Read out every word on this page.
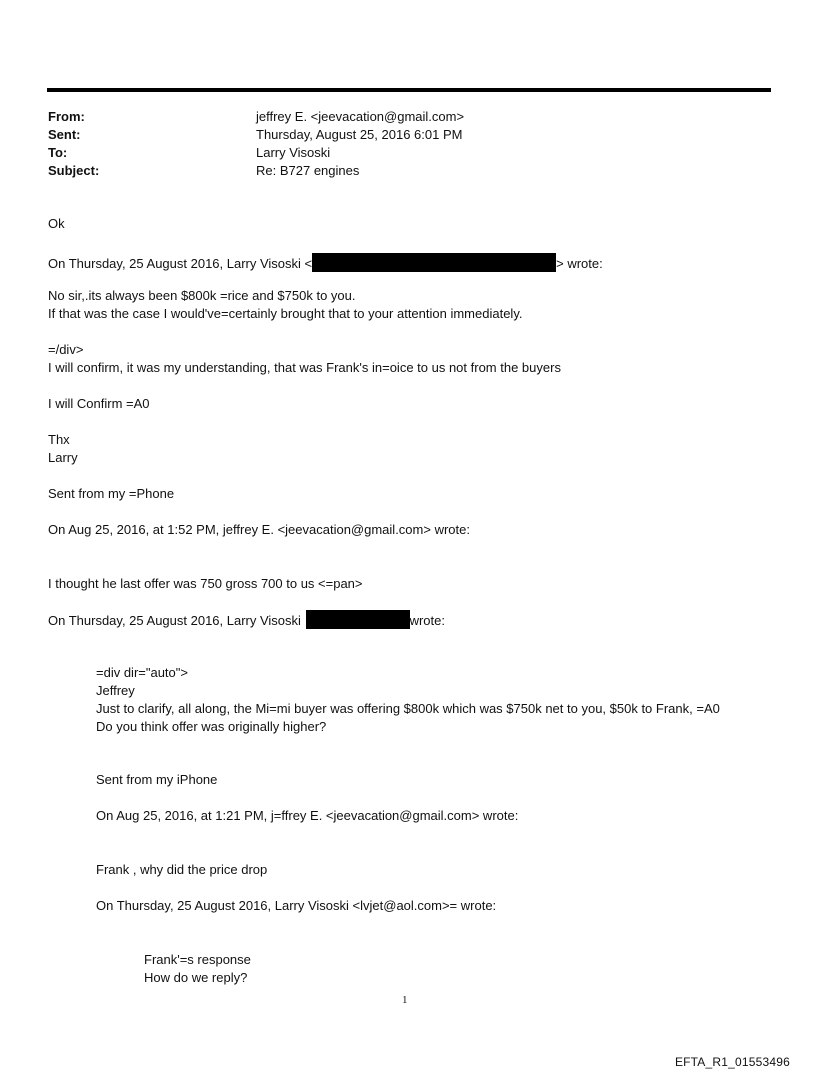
From:	jeffrey E. <jeevacation@gmail.com>
Sent:	Thursday, August 25, 2016 6:01 PM
To:	Larry Visoski
Subject:	Re: B727 engines
Ok
On Thursday, 25 August 2016, Larry Visoski <	> wrote:
No sir,.its always been $800k =rice and $750k to you.
If that was the case I would've=certainly brought that to your attention immediately.
=/div>
I will confirm, it was my understanding, that was Frank's in=oice to us not from the buyers
I will Confirm =A0
Thx
Larry
Sent from my =Phone
On Aug 25, 2016, at 1:52 PM, jeffrey E. <jeevacation@gmail.com> wrote:
I thought he last offer was 750 gross 700 to us <=pan>
On Thursday, 25 August 2016, Larry Visoski	wrote:
=div dir="auto">
Jeffrey
Just to clarify, all along, the Mi=mi buyer was offering $800k which was $750k net to you, $50k to Frank, =A0
Do you think offer was originally higher?
Sent from my iPhone
On Aug 25, 2016, at 1:21 PM, j=ffrey E. <jeevacation@gmail.com> wrote:
Frank , why did the price drop
On Thursday, 25 August 2016, Larry Visoski <lvjet@aol.com>= wrote:
Frank'=s response
How do we reply?
1
EFTA_R1_01553496
